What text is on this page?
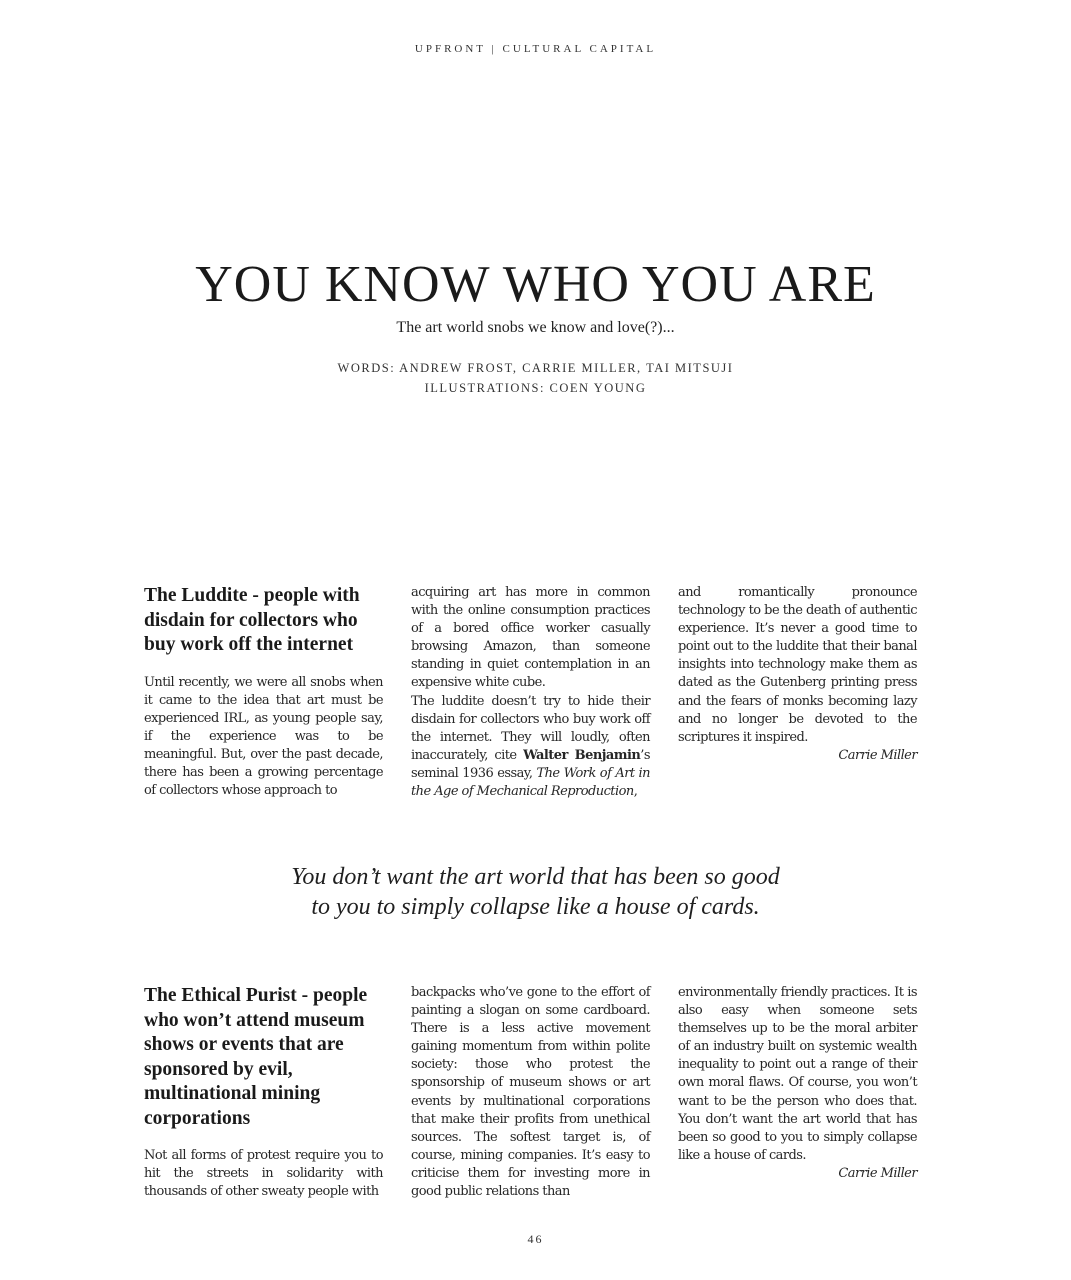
UPFRONT | CULTURAL CAPITAL
YOU KNOW WHO YOU ARE
The art world snobs we know and love(?)...
WORDS: ANDREW FROST, CARRIE MILLER, TAI MITSUJI
ILLUSTRATIONS: COEN YOUNG
The Luddite - people with disdain for collectors who buy work off the internet

Until recently, we were all snobs when it came to the idea that art must be experienced IRL, as young people say, if the experience was to be meaningful. But, over the past decade, there has been a growing percentage of collectors whose approach to

acquiring art has more in common with the online consumption practices of a bored office worker casually browsing Amazon, than someone standing in quiet contemplation in an expensive white cube.

The luddite doesn’t try to hide their disdain for collectors who buy work off the internet. They will loudly, often inaccurately, cite Walter Benjamin’s seminal 1936 essay, The Work of Art in the Age of Mechanical Reproduction,

and romantically pronounce technology to be the death of authentic experience. It’s never a good time to point out to the luddite that their banal insights into technology make them as dated as the Gutenberg printing press and the fears of monks becoming lazy and no longer be devoted to the scriptures it inspired.

Carrie Miller
You don’t want the art world that has been so good
to you to simply collapse like a house of cards.
The Ethical Purist - people who won’t attend museum shows or events that are sponsored by evil, multinational mining corporations

Not all forms of protest require you to hit the streets in solidarity with thousands of other sweaty people with

backpacks who’ve gone to the effort of painting a slogan on some cardboard. There is a less active movement gaining momentum from within polite society: those who protest the sponsorship of museum shows or art events by multinational corporations that make their profits from unethical sources. The softest target is, of course, mining companies. It’s easy to criticise them for investing more in good public relations than

environmentally friendly practices. It is also easy when someone sets themselves up to be the moral arbiter of an industry built on systemic wealth inequality to point out a range of their own moral flaws. Of course, you won’t want to be the person who does that. You don’t want the art world that has been so good to you to simply collapse like a house of cards.

Carrie Miller
46
